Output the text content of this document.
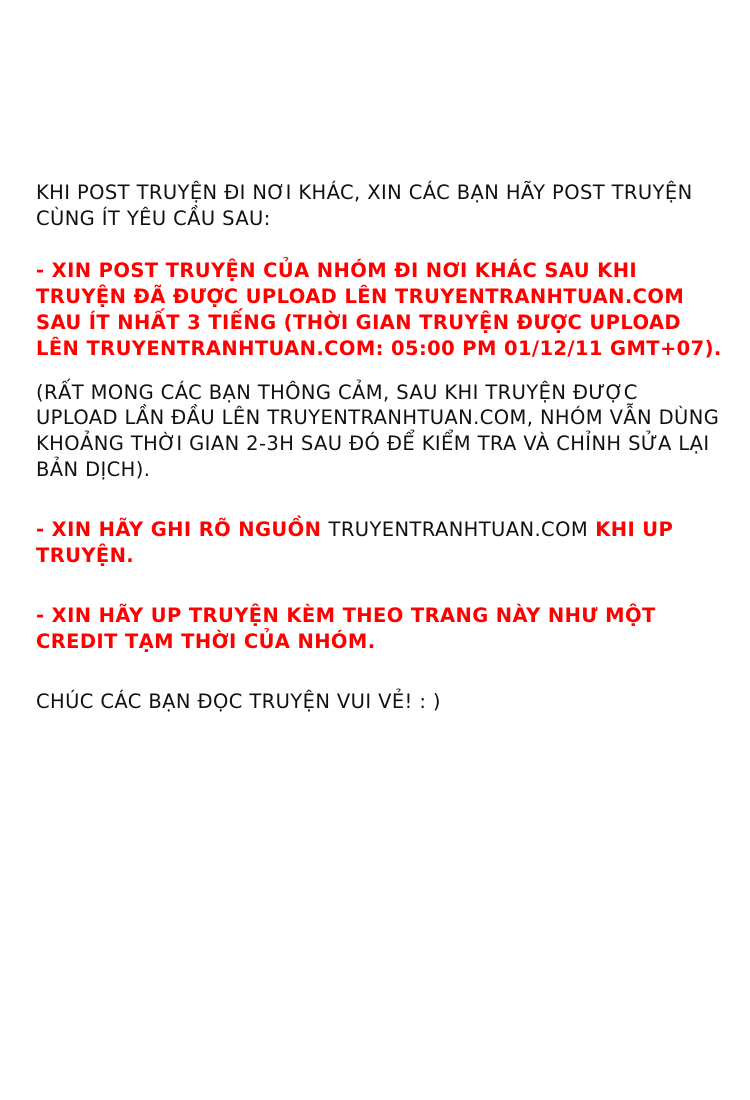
KHI POST TRUYỆN ĐI NƠI KHÁC, XIN CÁC BẠN HÃY POST TRUYỆN CÙNG ÍT YÊU CẦU SAU:

- XIN POST TRUYỆN CỦA NHÓM ĐI NƠI KHÁC SAU KHI TRUYỆN ĐÃ ĐƯỢC UPLOAD LÊN TRUYENTRANHTUAN.COM SAU ÍT NHẤT 3 TIẾNG (THỜI GIAN TRUYỆN ĐƯỢC UPLOAD LÊN TRUYENTRANHTUAN.COM: 05:00 PM 01/12/11 GMT+07).

(RẤT MONG CÁC BẠN THÔNG CẢM, SAU KHI TRUYỆN ĐƯỢC UPLOAD LẦN ĐẦU LÊN TRUYENTRANHTUAN.COM, NHÓM VẪN DÙNG KHOẢNG THỜI GIAN 2-3H SAU ĐÓ ĐỂ KIỂM TRA VÀ CHỈNH SỬA LẠI BẢN DỊCH).

- XIN HÃY GHI RÕ NGUỒN TRUYENTRANHTUAN.COM KHI UP TRUYỆN.

- XIN HÃY UP TRUYỆN KÈM THEO TRANG NÀY NHƯ MỘT CREDIT TẠM THỜI CỦA NHÓM.

CHÚC CÁC BẠN ĐỌC TRUYỆN VUI VẺ! : )
